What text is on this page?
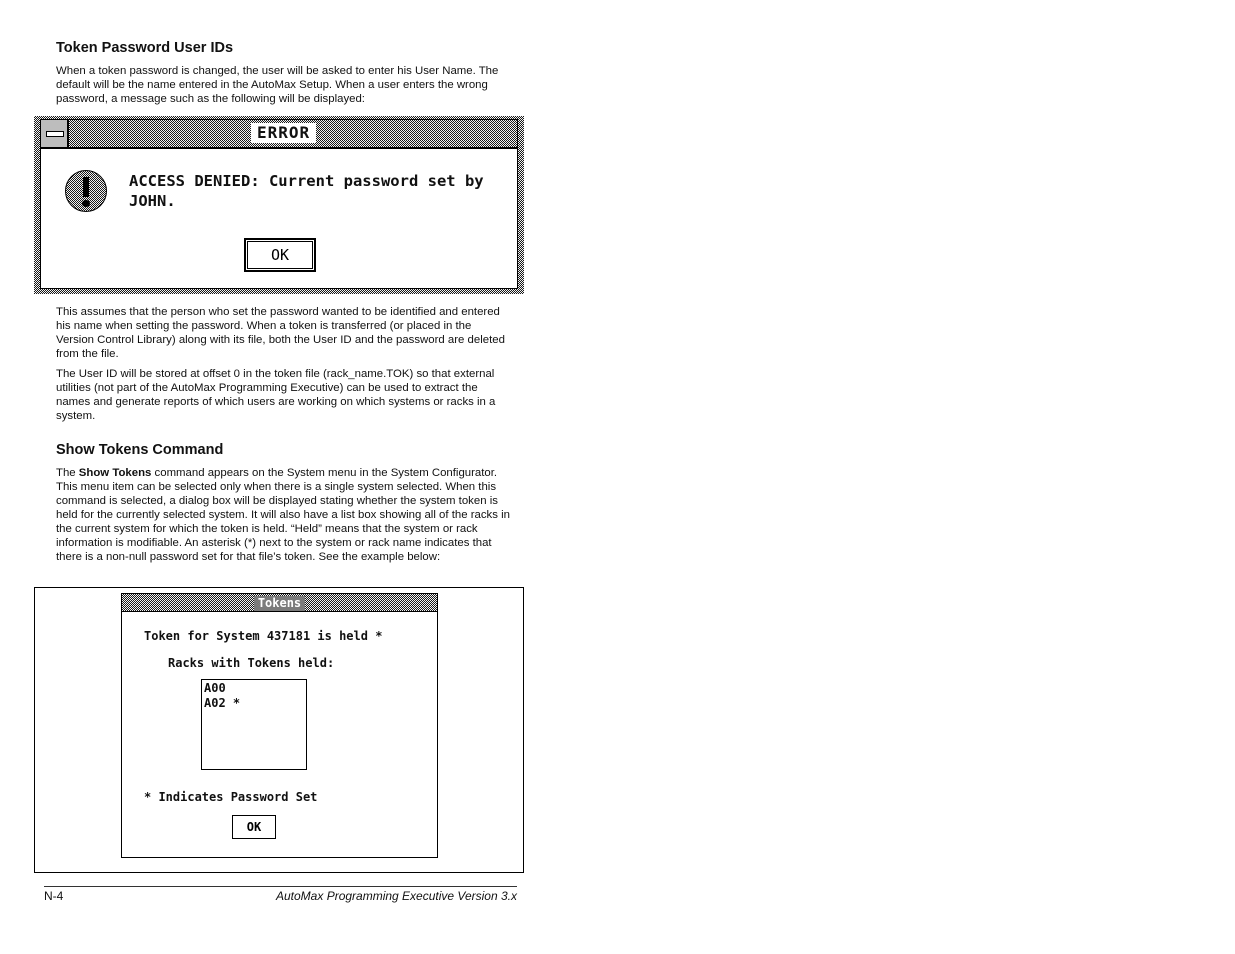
Token Password User IDs

When a token password is changed, the user will be asked to enter his User Name. The default will be the name entered in the AutoMax Setup. When a user enters the wrong password, a message such as the following will be displayed:

ERROR

ACCESS DENIED: Current password set by JOHN.

OK

This assumes that the person who set the password wanted to be identified and entered his name when setting the password. When a token is transferred (or placed in the Version Control Library) along with its file, both the User ID and the password are deleted from the file.

The User ID will be stored at offset 0 in the token file (rack_name.TOK) so that external utilities (not part of the AutoMax Programming Executive) can be used to extract the names and generate reports of which users are working on which systems or racks in a system.

Show Tokens Command

The Show Tokens command appears on the System menu in the System Configurator. This menu item can be selected only when there is a single system selected. When this command is selected, a dialog box will be displayed stating whether the system token is held for the currently selected system. It will also have a list box showing all of the racks in the current system for which the token is held. “Held” means that the system or rack information is modifiable. An asterisk (*) next to the system or rack name indicates that there is a non-null password set for that file’s token. See the example below:

Tokens

Token for System 437181 is held *

Racks with Tokens held:

A00

A02 *

* Indicates Password Set

OK

N-4	AutoMax Programming Executive Version 3.x
